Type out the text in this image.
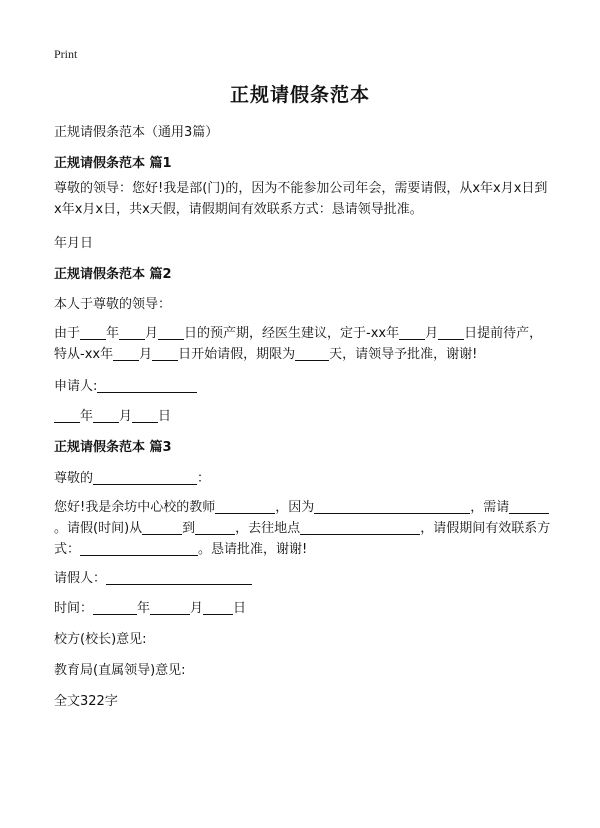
Print
正规请假条范本
正规请假条范本（通用3篇）
正规请假条范本 篇1
尊敬的领导：您好!我是部(门)的，因为不能参加公司年会，需要请假，从x年x月x日到x年x月x日，共x天假，请假期间有效联系方式：恳请领导批准。
年月日
正规请假条范本 篇2
本人于尊敬的领导：
由于 年 月 日的预产期，经医生建议，定于-xx年 月 日提前待产，特从-xx年 月 日开始请假，期限为	天，请领导予批准，谢谢!
申请人:
年 月 日
正规请假条范本 篇3
尊敬的	：
您好!我是余坊中心校的教师	，因为	，需请。请假(时间)从	到	，去往地点	，请假期间有效联系方式：	。恳请批准，谢谢!
请假人：
时间：	年	月 日
校方(校长)意见:
教育局(直属领导)意见:
全文322字
